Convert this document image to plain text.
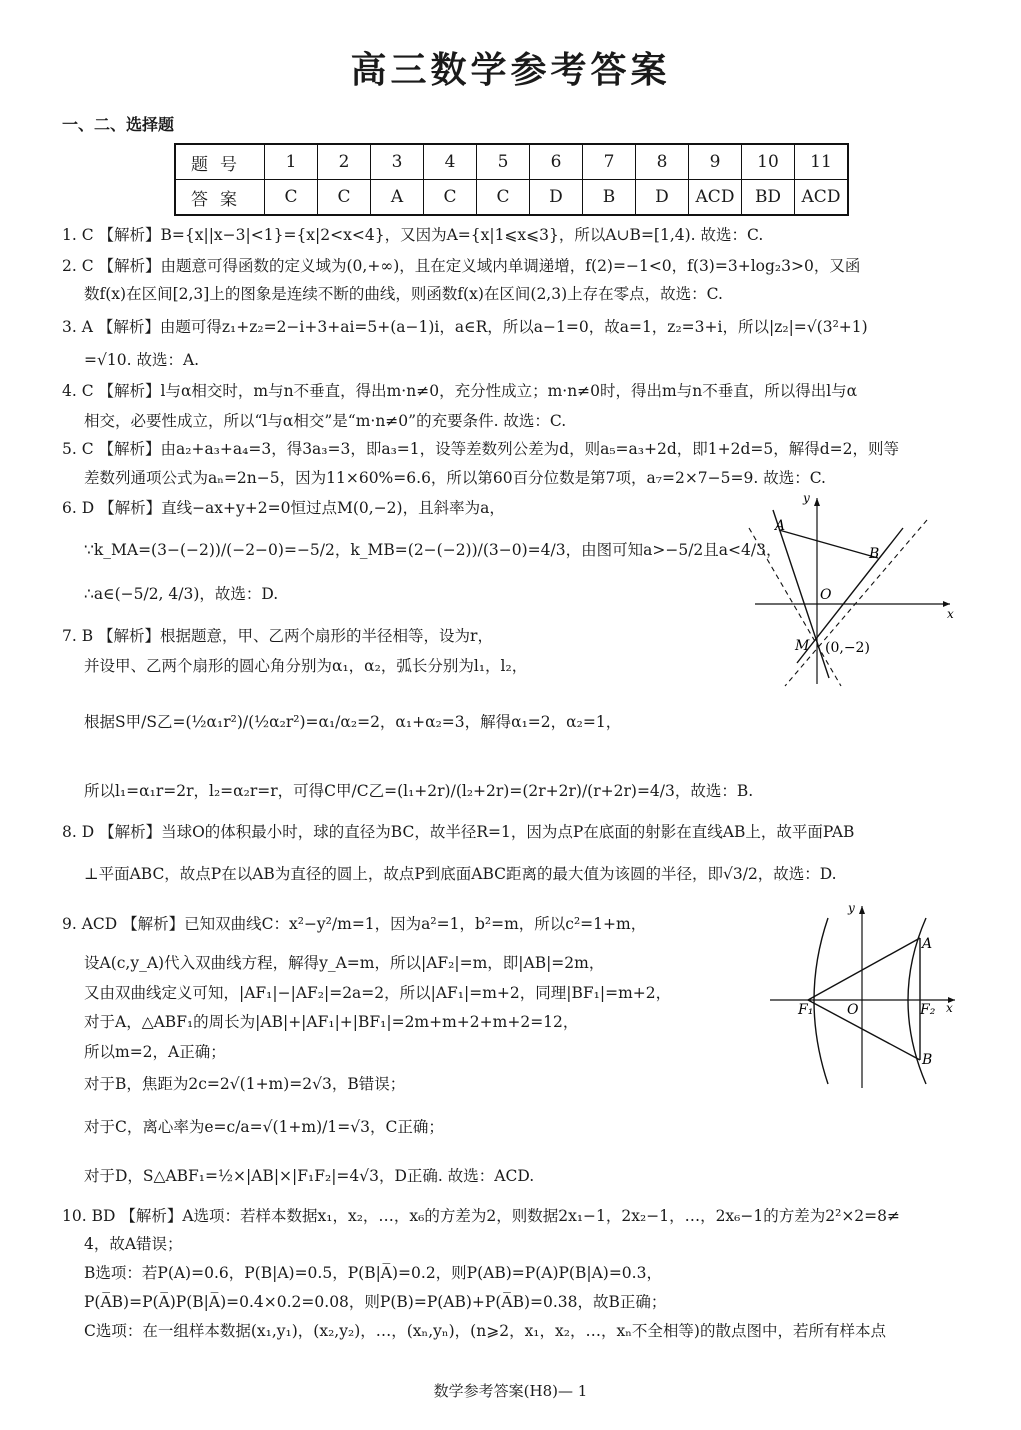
高三数学参考答案
一、二、选择题
题号	1	2	3	4	5	6	7	8	9	10	11
答案	C	C	A	C	C	D	B	D	ACD	BD	ACD
1. C 【解析】B={x||x−3|<1}={x|2<x<4}，又因为A={x|1⩽x⩽3}，所以A∪B=[1,4). 故选：C.
2. C 【解析】由题意可得函数的定义域为(0,+∞)，且在定义域内单调递增，f(2)=−1<0，f(3)=3+log₂3>0，又函
数f(x)在区间[2,3]上的图象是连续不断的曲线，则函数f(x)在区间(2,3)上存在零点，故选：C.
3. A 【解析】由题可得z₁+z₂=2−i+3+ai=5+(a−1)i，a∈R，所以a−1=0，故a=1，z₂=3+i，所以|z₂|=√(3²+1)
=√10. 故选：A.
4. C 【解析】l与α相交时，m与n不垂直，得出m·n≠0，充分性成立；m·n≠0时，得出m与n不垂直，所以得出l与α
相交，必要性成立，所以“l与α相交”是“m·n≠0”的充要条件. 故选：C.
5. C 【解析】由a₂+a₃+a₄=3，得3a₃=3，即a₃=1，设等差数列公差为d，则a₅=a₃+2d，即1+2d=5，解得d=2，则等
差数列通项公式为aₙ=2n−5，因为11×60%=6.6，所以第60百分位数是第7项，a₇=2×7−5=9. 故选：C.
6. D 【解析】直线−ax+y+2=0恒过点M(0,−2)，且斜率为a，
∵k_MA=(3−(−2))/(−2−0)=−5/2，k_MB=(2−(−2))/(3−0)=4/3，由图可知a>−5/2且a<4/3，
∴a∈(−5/2, 4/3)，故选：D.
7. B 【解析】根据题意，甲、乙两个扇形的半径相等，设为r，
并设甲、乙两个扇形的圆心角分别为α₁，α₂，弧长分别为l₁，l₂，
根据S甲/S乙=(½α₁r²)/(½α₂r²)=α₁/α₂=2，α₁+α₂=3，解得α₁=2，α₂=1，
所以l₁=α₁r=2r，l₂=α₂r=r，可得C甲/C乙=(l₁+2r)/(l₂+2r)=(2r+2r)/(r+2r)=4/3，故选：B.
8. D 【解析】当球O的体积最小时，球的直径为BC，故半径R=1，因为点P在底面的射影在直线AB上，故平面PAB
⊥平面ABC，故点P在以AB为直径的圆上，故点P到底面ABC距离的最大值为该圆的半径，即√3/2，故选：D.
9. ACD 【解析】已知双曲线C：x²−y²/m=1，因为a²=1，b²=m，所以c²=1+m，
设A(c,y_A)代入双曲线方程，解得y_A=m，所以|AF₂|=m，即|AB|=2m，
又由双曲线定义可知，|AF₁|−|AF₂|=2a=2，所以|AF₁|=m+2，同理|BF₁|=m+2，
对于A，△ABF₁的周长为|AB|+|AF₁|+|BF₁|=2m+m+2+m+2=12，
所以m=2，A正确；
对于B，焦距为2c=2√(1+m)=2√3，B错误；
对于C，离心率为e=c/a=√(1+m)/1=√3，C正确；
对于D，S△ABF₁=½×|AB|×|F₁F₂|=4√3，D正确. 故选：ACD.
10. BD 【解析】A选项：若样本数据x₁，x₂，…，x₆的方差为2，则数据2x₁−1，2x₂−1，…，2x₆−1的方差为2²×2=8≠
4，故A错误；
B选项：若P(A)=0.6，P(B|A)=0.5，P(B|A̅)=0.2，则P(AB)=P(A)P(B|A)=0.3，
P(A̅B)=P(A̅)P(B|A̅)=0.4×0.2=0.08，则P(B)=P(AB)+P(A̅B)=0.38，故B正确；
C选项：在一组样本数据(x₁,y₁)，(x₂,y₂)，…，(xₙ,yₙ)，(n⩾2，x₁，x₂，…，xₙ不全相等)的散点图中，若所有样本点
A
B
O
M (0,−2)
x
y
A
B
O
F₁	F₂ x
y
数学参考答案(H8)— 1
